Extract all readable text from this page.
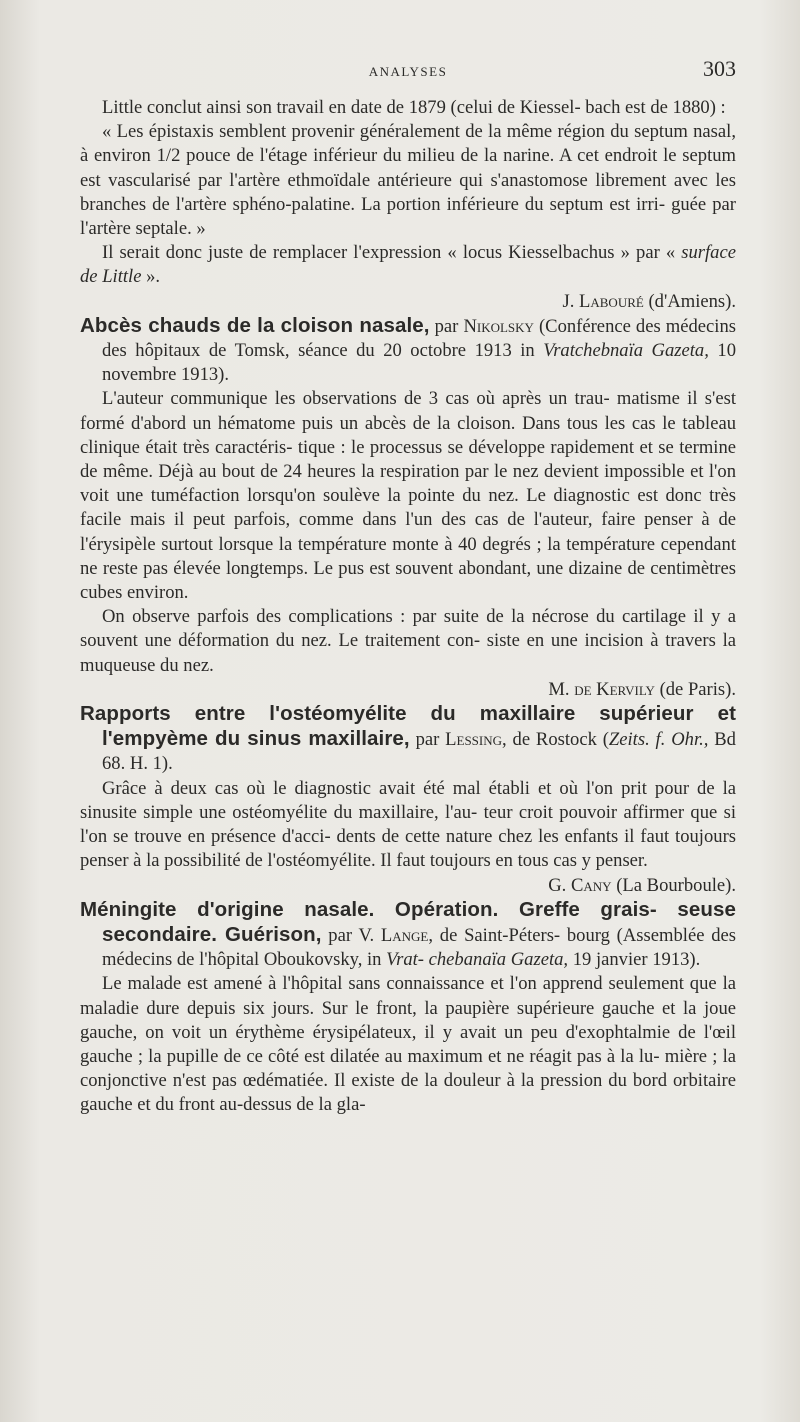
ANALYSES	303

Little conclut ainsi son travail en date de 1879 (celui de Kiessel- bach est de 1880) :

« Les épistaxis semblent provenir généralement de la même région du septum nasal, à environ 1/2 pouce de l'étage inférieur du milieu de la narine. A cet endroit le septum est vascularisé par l'artère ethmoïdale antérieure qui s'anastomose librement avec les branches de l'artère sphéno-palatine. La portion inférieure du septum est irri- guée par l'artère septale. »

Il serait donc juste de remplacer l'expression « locus Kiesselbachus » par « surface de Little ».

J. Labouré (d'Amiens).

Abcès chauds de la cloison nasale, par Nikolsky (Conférence des médecins des hôpitaux de Tomsk, séance du 20 octobre 1913 in Vratchebnaïa Gazeta, 10 novembre 1913).

L'auteur communique les observations de 3 cas où après un trau- matisme il s'est formé d'abord un hématome puis un abcès de la cloison. Dans tous les cas le tableau clinique était très caractéris- tique : le processus se développe rapidement et se termine de même. Déjà au bout de 24 heures la respiration par le nez devient impossible et l'on voit une tuméfaction lorsqu'on soulève la pointe du nez. Le diagnostic est donc très facile mais il peut parfois, comme dans l'un des cas de l'auteur, faire penser à de l'érysipèle surtout lorsque la température monte à 40 degrés ; la température cependant ne reste pas élevée longtemps. Le pus est souvent abondant, une dizaine de centimètres cubes environ.

On observe parfois des complications : par suite de la nécrose du cartilage il y a souvent une déformation du nez. Le traitement con- siste en une incision à travers la muqueuse du nez.

M. de Kervily (de Paris).

Rapports entre l'ostéomyélite du maxillaire supérieur et l'empyème du sinus maxillaire, par Lessing, de Rostock (Zeits. f. Ohr., Bd 68. H. 1).

Grâce à deux cas où le diagnostic avait été mal établi et où l'on prit pour de la sinusite simple une ostéomyélite du maxillaire, l'au- teur croit pouvoir affirmer que si l'on se trouve en présence d'acci- dents de cette nature chez les enfants il faut toujours penser à la possibilité de l'ostéomyélite. Il faut toujours en tous cas y penser.

G. Cany (La Bourboule).

Méningite d'origine nasale. Opération. Greffe grais- seuse secondaire. Guérison, par V. Lange, de Saint-Péters- bourg (Assemblée des médecins de l'hôpital Oboukovsky, in Vrat- chebanaïa Gazeta, 19 janvier 1913).

Le malade est amené à l'hôpital sans connaissance et l'on apprend seulement que la maladie dure depuis six jours. Sur le front, la paupière supérieure gauche et la joue gauche, on voit un érythème érysipélateux, il y avait un peu d'exophtalmie de l'œil gauche ; la pupille de ce côté est dilatée au maximum et ne réagit pas à la lu- mière ; la conjonctive n'est pas œdématiée. Il existe de la douleur à la pression du bord orbitaire gauche et du front au-dessus de la gla-
